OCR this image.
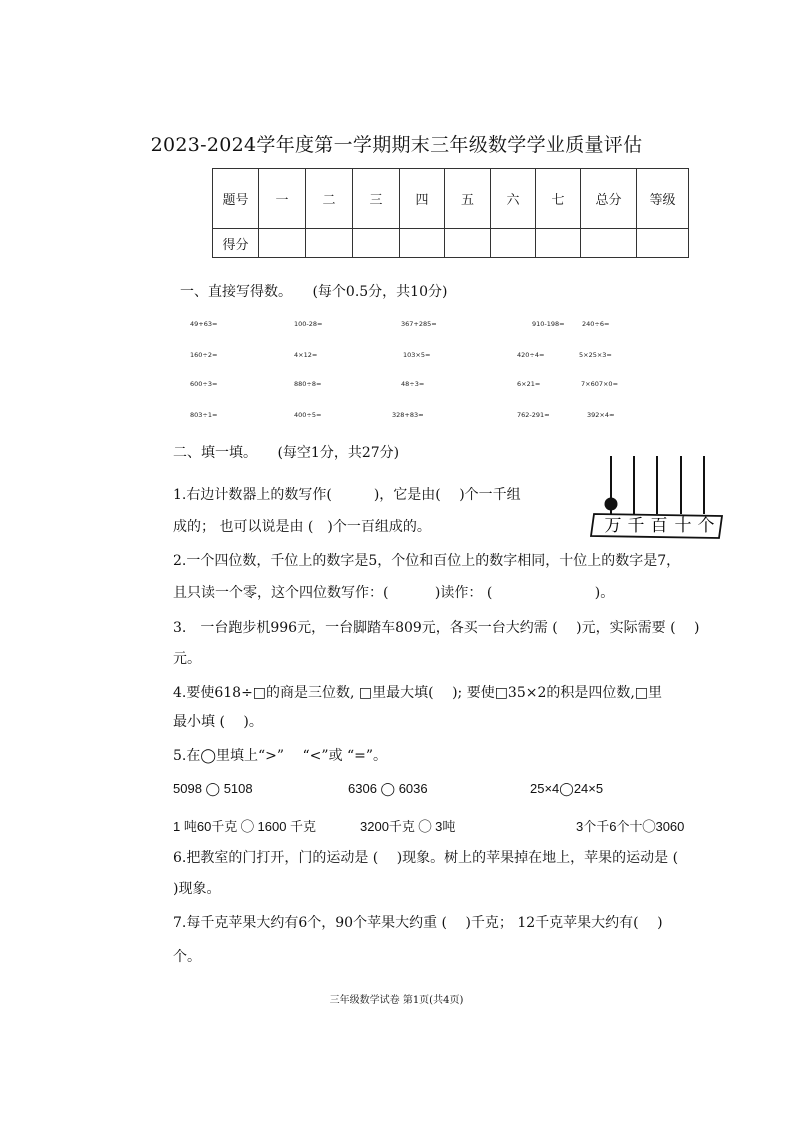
2023-2024学年度第一学期期末三年级数学学业质量评估
题号	一	二	三	四	五	六	七	总分	等级
得分									
一、直接写得数。 (每个0.5分，共10分)
49+63=	100-28=	367+285=	910-198=	240÷6=
160÷2=	4×12=	103×5=	420÷4=	5×25×3=
600÷3=	880÷8=	48÷3=	6×21=	7×607×0=
803÷1=	400÷5=	328+83≈	762-291≈	392×4≈
二、填一填。 (每空1分，共27分)
万 千 百 十 个
1.右边计数器上的数写作(　　　)，它是由(　 )个一千组
成的； 也可以说是由 (　)个一百组成的。
2.一个四位数，千位上的数字是5，个位和百位上的数字相同，十位上的数字是7，
且只读一个零，这个四位数写作：(　　　 )读作： (　　　　　　　 )。
3.　一台跑步机996元，一台脚踏车809元，各买一台大约需 (　 )元，实际需要 (　 )
元。
4.要使618÷□的商是三位数, □里最大填(　 ); 要使□35×2的积是四位数,□里
最小填 (　 )。
5.在◯里填上“>”　 “<”或 “=”。
5098 ◯ 5108	6306 ◯ 6036	25×4◯24×5
1 吨60千克 ◯ 1600 千克	3200千克 ◯ 3吨	3个千6个十◯3060
6.把教室的门打开，门的运动是 (　 )现象。树上的苹果掉在地上，苹果的运动是 (
)现象。
7.每千克苹果大约有6个，90个苹果大约重 (　 )千克； 12千克苹果大约有(　 )
个。
三年级数学试卷 第1页(共4页)
